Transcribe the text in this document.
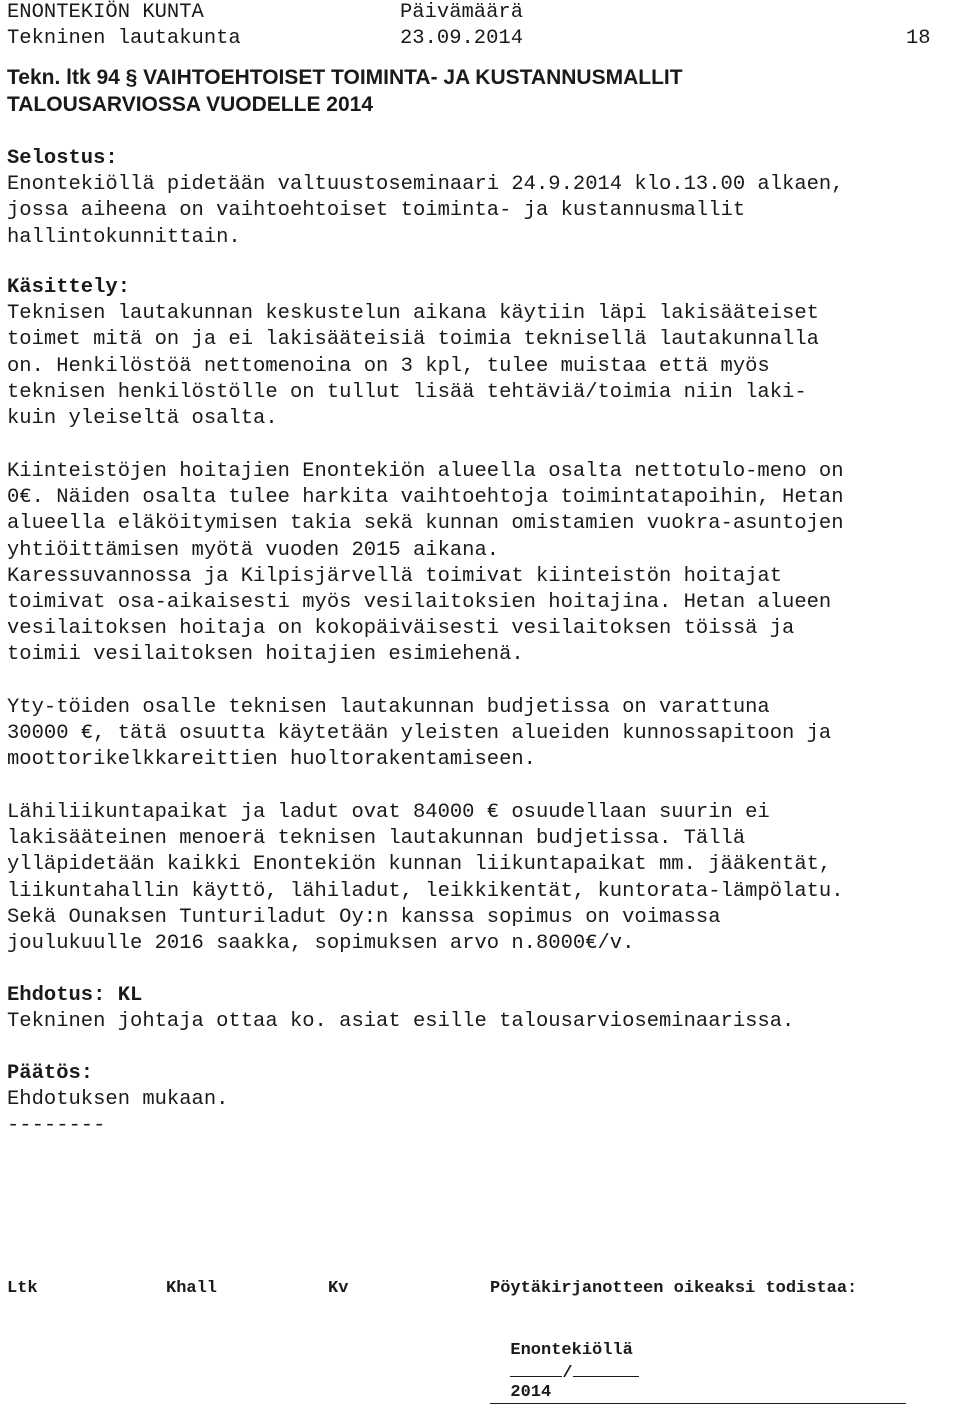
ENONTEKIÖN KUNTA
Tekninen lautakunta
Päivämäärä
23.09.2014	18
Tekn. ltk 94 § VAIHTOEHTOISET TOIMINTA- JA KUSTANNUSMALLIT
TALOUSARVIOSSA VUODELLE 2014
Selostus:
Enontekiöllä pidetään valtuustoseminaari 24.9.2014 klo.13.00 alkaen,
jossa aiheena on vaihtoehtoiset toiminta- ja kustannusmallit
hallintokunnittain.
Käsittely:
Teknisen lautakunnan keskustelun aikana käytiin läpi lakisääteiset
toimet mitä on ja ei lakisääteisiä toimia teknisellä lautakunnalla
on. Henkilöstöä nettomenoina on 3 kpl, tulee muistaa että myös
teknisen henkilöstölle on tullut lisää tehtäviä/toimia niin laki-
kuin yleiseltä osalta.
Kiinteistöjen hoitajien Enontekiön alueella osalta nettotulo-meno on
0€. Näiden osalta tulee harkita vaihtoehtoja toimintatapoihin, Hetan
alueella eläköitymisen takia sekä kunnan omistamien vuokra-asuntojen
yhtiöittämisen myötä vuoden 2015 aikana.
Karessuvannossa ja Kilpisjärvellä toimivat kiinteistön hoitajat
toimivat osa-aikaisesti myös vesilaitoksien hoitajina. Hetan alueen
vesilaitoksen hoitaja on kokopäiväisesti vesilaitoksen töissä ja
toimii vesilaitoksen hoitajien esimiehenä.
Yty-töiden osalle teknisen lautakunnan budjetissa on varattuna
30000 €, tätä osuutta käytetään yleisten alueiden kunnossapitoon ja
moottorikelkkareittien huoltorakentamiseen.
Lähiliikuntapaikat ja ladut ovat 84000 € osuudellaan suurin ei
lakisääteinen menoerä teknisen lautakunnan budjetissa. Tällä
ylläpidetään kaikki Enontekiön kunnan liikuntapaikat mm. jääkentät,
liikuntahallin käyttö, lähiladut, leikkikentät, kuntorata-lämpölatu.
Sekä Ounaksen Tunturiladut Oy:n kanssa sopimus on voimassa
joulukuulle 2016 saakka, sopimuksen arvo n.8000€/v.
Ehdotus: KL
Tekninen johtaja ottaa ko. asiat esille talousarvioseminaarissa.
Päätös:
Ehdotuksen mukaan.
--------
Ltk	Khall	Kv	Pöytäkirjanotteen oikeaksi todistaa:

Enontekiöllä
/
2014
